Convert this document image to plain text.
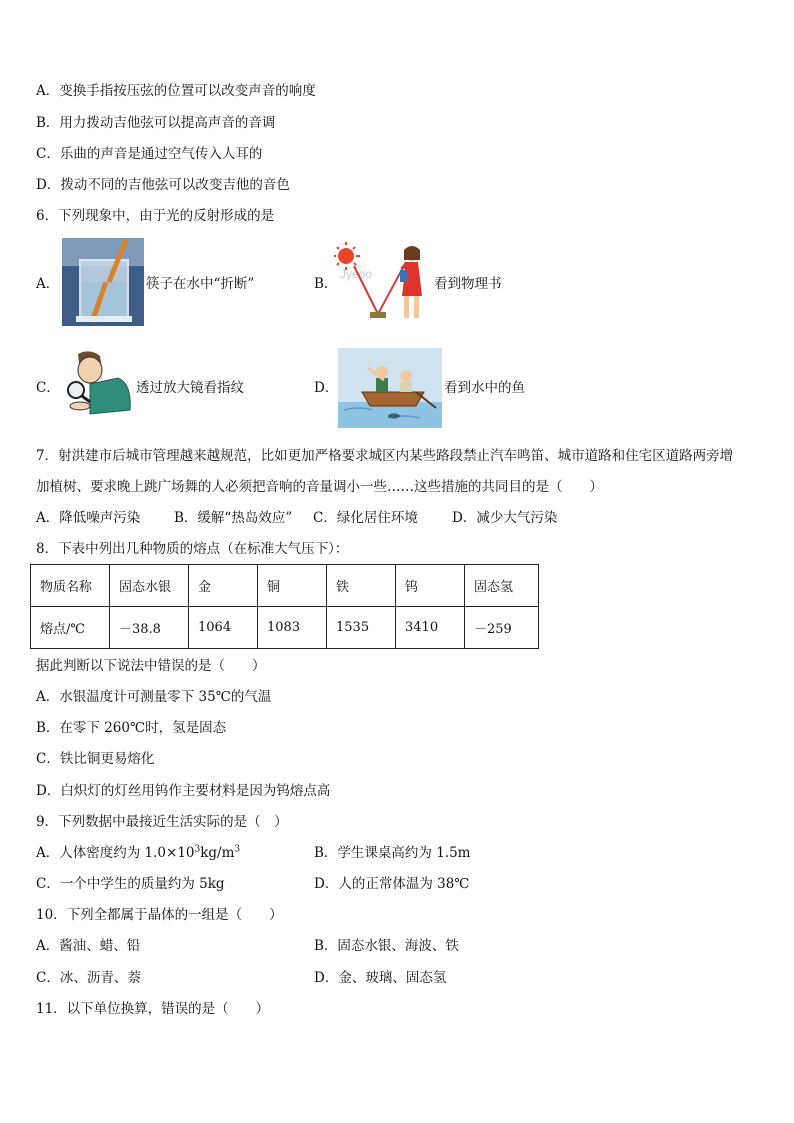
A．变换手指按压弦的位置可以改变声音的响度
B．用力拨动吉他弦可以提高声音的音调
C．乐曲的声音是通过空气传入人耳的
D．拨动不同的吉他弦可以改变吉他的音色
6．下列现象中，由于光的反射形成的是
A．	筷子在水中“折断”	B．
Jyeoo
看到物理书
C．	透过放大镜看指纹	D．	看到水中的鱼
7．射洪建市后城市管理越来越规范，比如更加严格要求城区内某些路段禁止汽车鸣笛、城市道路和住宅区道路两旁增
加植树、要求晚上跳广场舞的人必须把音响的音量调小一些……这些措施的共同目的是（　　）
A．降低噪声污染	B．缓解“热岛效应” C．绿化居住环境	D．减少大气污染
8．下表中列出几种物质的熔点（在标准大气压下）：
物质名称	固态水银	金	铜	铁	钨	固态氢
熔点/℃	－38.8	1064	1083	1535	3410	－259
据此判断以下说法中错误的是（　　）
A．水银温度计可测量零下 35℃的气温
B．在零下 260℃时，氢是固态
C．铁比铜更易熔化
D．白炽灯的灯丝用钨作主要材料是因为钨熔点高
9．下列数据中最接近生活实际的是（　）
A．人体密度约为 $1.0\times 10^3kg/m^3$	B．学生课桌高约为 1.5m
C．一个中学生的质量约为 5kg	D．人的正常体温为 38℃
10．下列全都属于晶体的一组是（　　）
A．酱油、蜡、铅	B．固态水银、海波、铁
C．冰、沥青、萘	D．金、玻璃、固态氢
11．以下单位换算，错误的是（　　）
